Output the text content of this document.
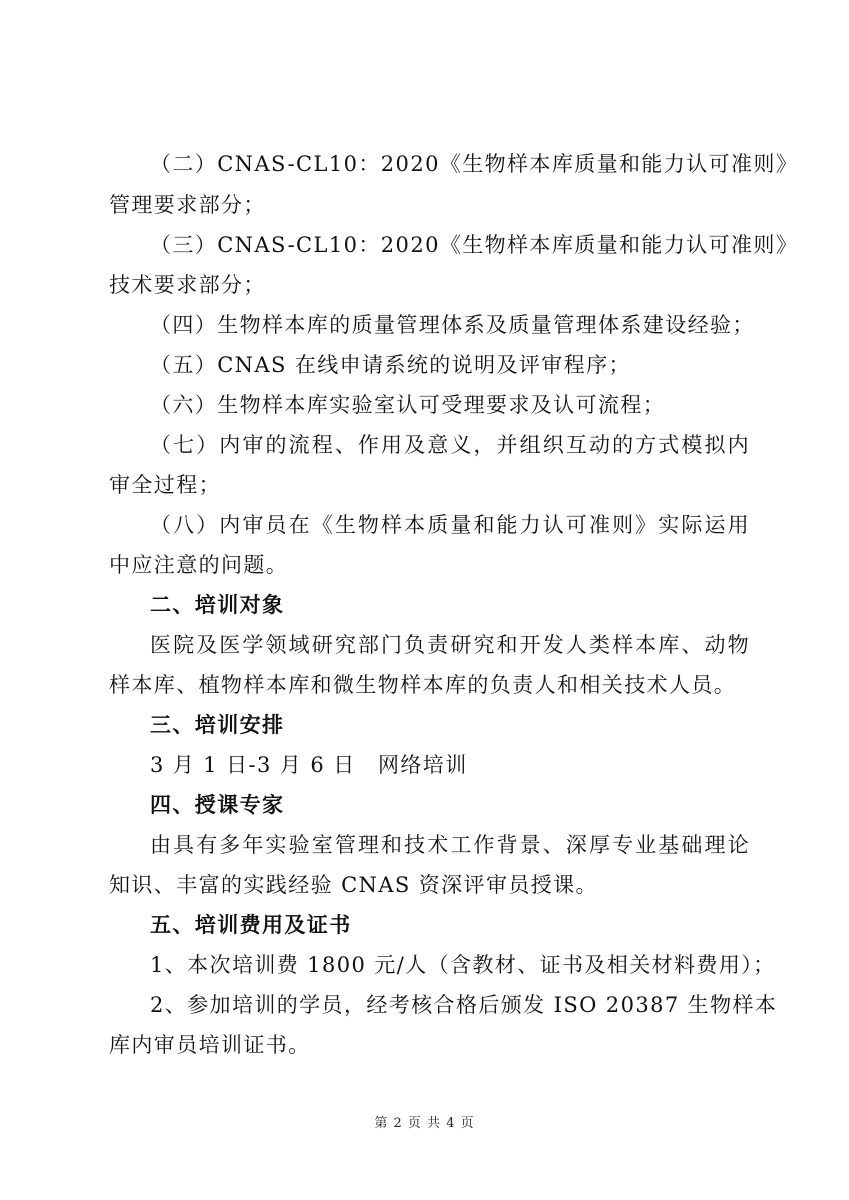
（二）CNAS-CL10：2020《生物样本库质量和能力认可准则》
管理要求部分；
（三）CNAS-CL10：2020《生物样本库质量和能力认可准则》
技术要求部分；
（四）生物样本库的质量管理体系及质量管理体系建设经验；
（五）CNAS 在线申请系统的说明及评审程序；
（六）生物样本库实验室认可受理要求及认可流程；
（七）内审的流程、作用及意义，并组织互动的方式模拟内
审全过程；
（八）内审员在《生物样本质量和能力认可准则》实际运用
中应注意的问题。
二、培训对象
医院及医学领域研究部门负责研究和开发人类样本库、动物
样本库、植物样本库和微生物样本库的负责人和相关技术人员。
三、培训安排
3 月 1 日-3 月 6 日　网络培训
四、授课专家
由具有多年实验室管理和技术工作背景、深厚专业基础理论
知识、丰富的实践经验 CNAS 资深评审员授课。
五、培训费用及证书
1、本次培训费 1800 元/人（含教材、证书及相关材料费用）；
2、参加培训的学员，经考核合格后颁发 ISO 20387 生物样本
库内审员培训证书。
第 2 页 共 4 页
